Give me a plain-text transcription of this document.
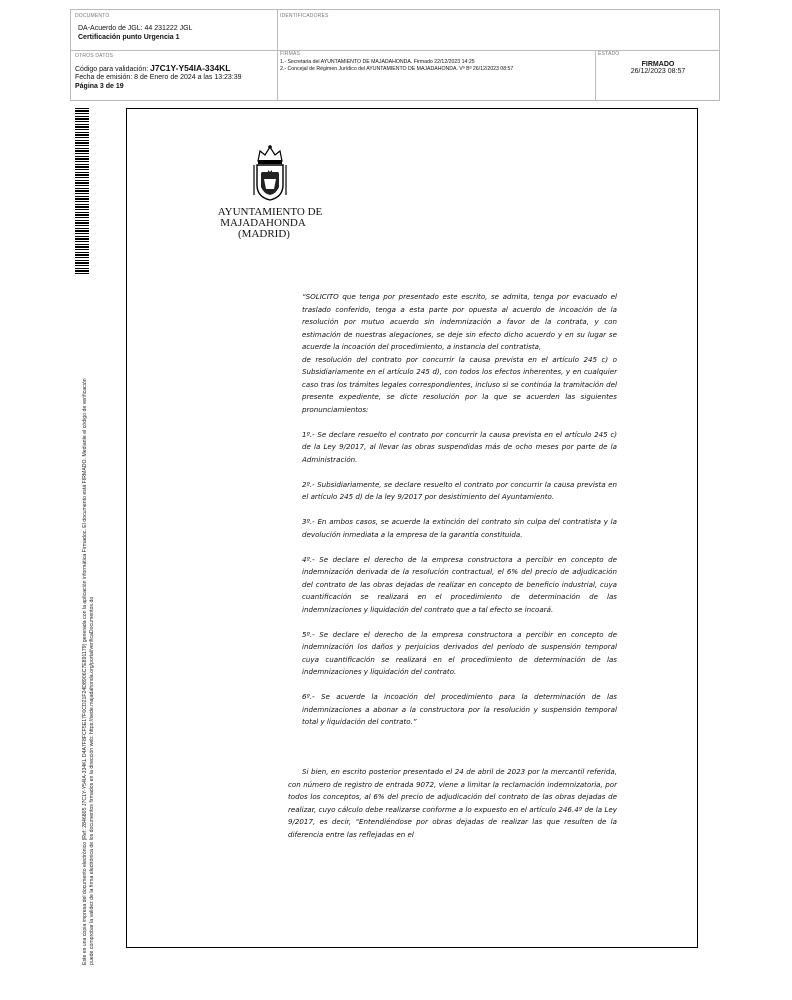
DOCUMENTO
DA-Acuerdo de JGL: 44 231222 JGL
Certificación punto Urgencia 1
IDENTIFICADORES
OTROS DATOS
Código para validación: J7C1Y-Y54IA-334KL
Fecha de emisión: 8 de Enero de 2024 a las 13:23:39
Página 3 de 19
FIRMAS
1.- Secretaria del AYUNTAMIENTO DE MAJADAHONDA. Firmado 22/12/2023 14:25
2.- Concejal de Régimen Jurídico del AYUNTAMIENTO DE MAJADAHONDA. Vº Bº 26/12/2023 08:57
ESTADO
FIRMADO
26/12/2023 08:57
Este es una copia impresa del documento electrónico (Ref: 2846805 J7C1Y-Y54IA-334KL D4A7F8FCF5E17F6CD21F24D8906C7E891179) generada con la aplicación informática Firmadoc. El documento está FIRMADO. Mediante el código de verificación puede comprobar la validez de la firma electrónica de los documentos firmados en la dirección web: https://sede.majadahonda.org/portal/verificaDocumentos.do
AYUNTAMIENTO DE
MAJADAHONDA
(MADRID)

“SOLICITO que tenga por presentado este escrito, se admita, tenga por evacuado el traslado conferido, tenga a esta parte por opuesta al acuerdo de incoación de la resolución por mutuo acuerdo sin indemnización a favor de la contrata, y con estimación de nuestras alegaciones, se deje sin efecto dicho acuerdo y en su lugar se acuerde la incoación del procedimiento, a instancia del contratista,

de resolución del contrato por concurrir la causa prevista en el artículo 245 c) o Subsidiariamente en el artículo 245 d), con todos los efectos inherentes, y en cualquier caso tras los trámites legales correspondientes, incluso si se continúa la tramitación del presente expediente, se dicte resolución por la que se acuerden las siguientes pronunciamientos:

1º.- Se declare resuelto el contrato por concurrir la causa prevista en el artículo 245 c) de la Ley 9/2017, al llevar las obras suspendidas más de ocho meses por parte de la Administración.

2º.- Subsidiariamente, se declare resuelto el contrato por concurrir la causa prevista en el artículo 245 d) de la ley 9/2017 por desistimiento del Ayuntamiento.

3º.- En ambos casos, se acuerde la extinción del contrato sin culpa del contratista y la devolución inmediata a la empresa de la garantía constituida.

4º.- Se declare el derecho de la empresa constructora a percibir en concepto de indemnización derivada de la resolución contractual, el 6% del precio de adjudicación del contrato de las obras dejadas de realizar en concepto de beneficio industrial, cuya cuantificación se realizará en el procedimiento de determinación de las indemnizaciones y liquidación del contrato que a tal efecto se incoará.

5º.- Se declare el derecho de la empresa constructora a percibir en concepto de indemnización los daños y perjuicios derivados del período de suspensión temporal cuya cuantificación se realizará en el procedimiento de determinación de las indemnizaciones y liquidación del contrato.

6º.- Se acuerde la incoación del procedimiento para la determinación de las indemnizaciones a abonar a la constructora por la resolución y suspensión temporal total y liquidación del contrato.”

Si bien, en escrito posterior presentado el 24 de abril de 2023 por la mercantil referida, con número de registro de entrada 9072, viene a limitar la reclamación indemnizatoria, por todos los conceptos, al 6% del precio de adjudicación del contrato de las obras dejadas de realizar, cuyo cálculo debe realizarse conforme a lo expuesto en el artículo 246.4º de la Ley 9/2017, es decir, “Entendiéndose por obras dejadas de realizar las que resulten de la diferencia entre las reflejadas en el
